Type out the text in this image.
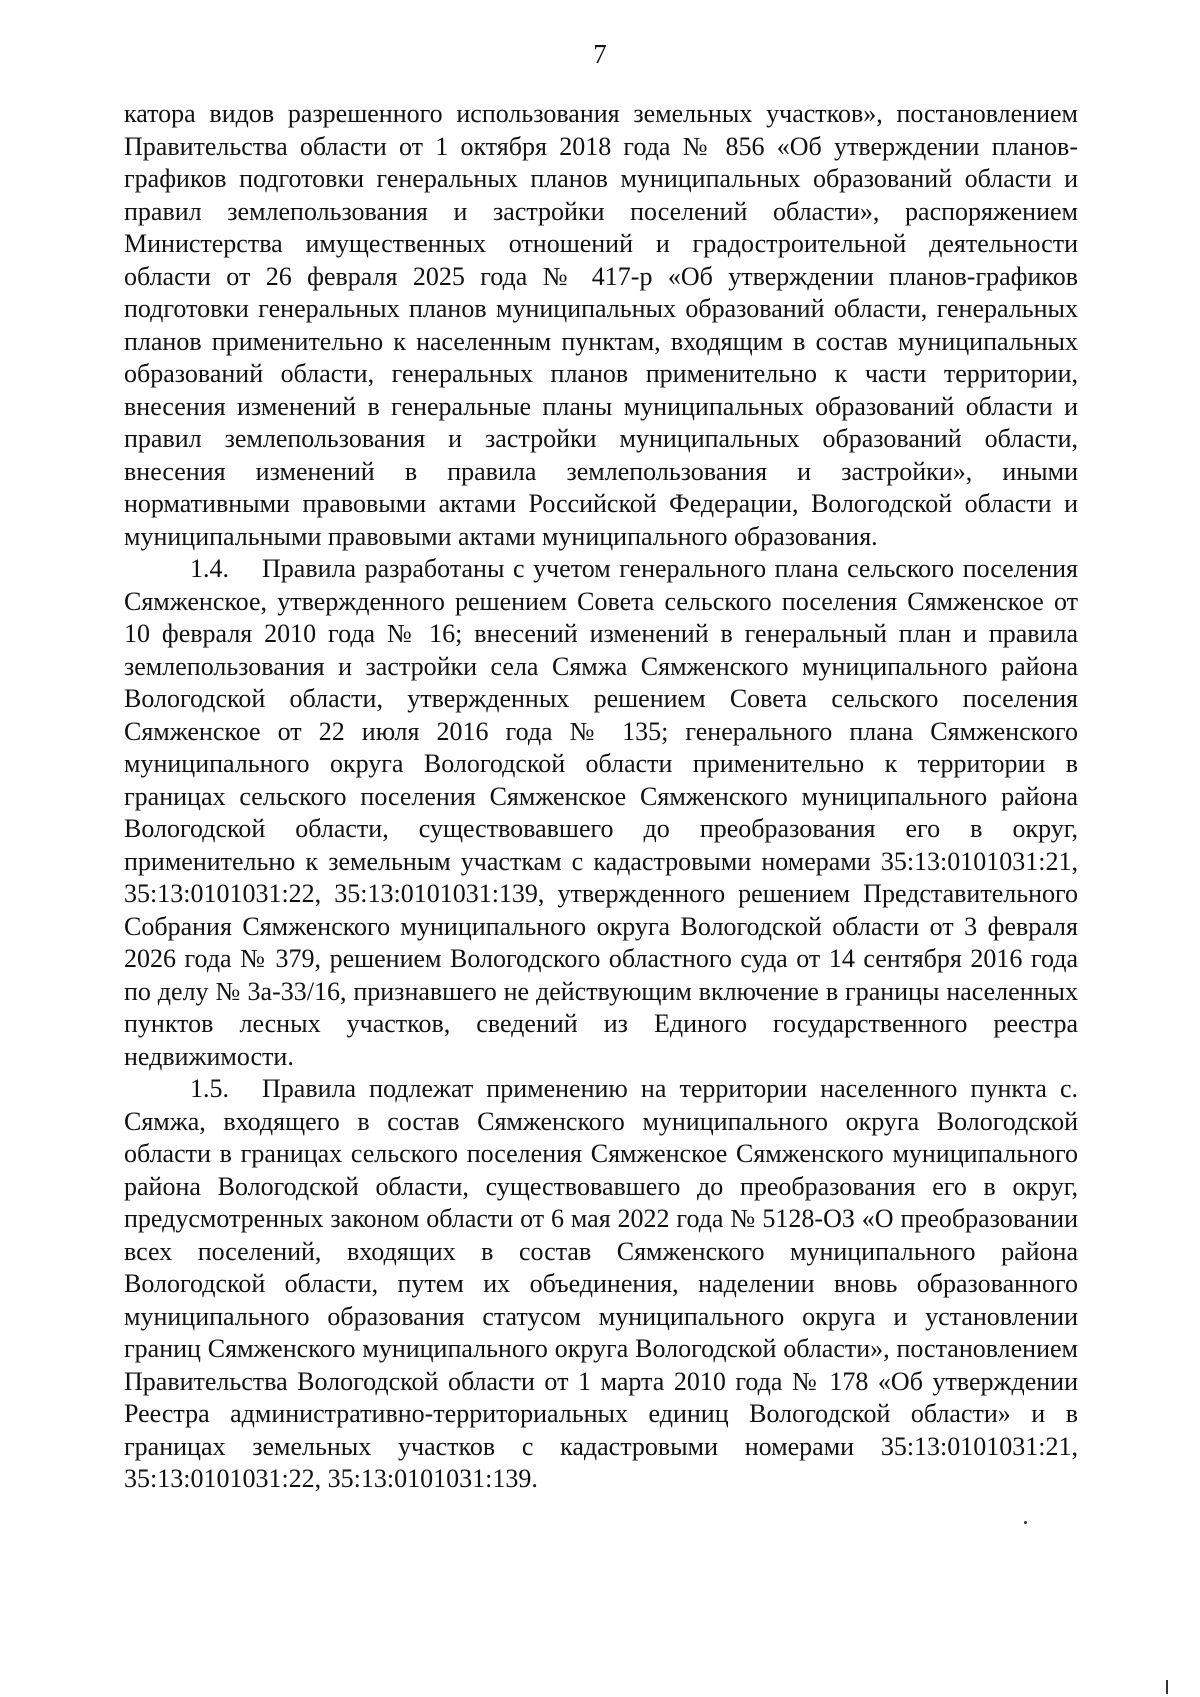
7

катора видов разрешенного использования земельных участков», постановлением Правительства области от 1 октября 2018 года № 856 «Об утверждении планов-графиков подготовки генеральных планов муниципальных образований области и правил землепользования и застройки поселений области», распоряжением Министерства имущественных отношений и градостроительной деятельности области от 26 февраля 2025 года № 417-р «Об утверждении планов-графиков подготовки генеральных планов муниципальных образований области, генеральных планов применительно к населенным пунктам, входящим в состав муниципальных образований области, генеральных планов применительно к части территории, внесения изменений в генеральные планы муниципальных образований области и правил землепользования и застройки муниципальных образований области, внесения изменений в правила землепользования и застройки», иными нормативными правовыми актами Российской Федерации, Вологодской области и муниципальными правовыми актами муниципального образования.

1.4. Правила разработаны с учетом генерального плана сельского поселения Сямженское, утвержденного решением Совета сельского поселения Сямженское от 10 февраля 2010 года № 16; внесений изменений в генеральный план и правила землепользования и застройки села Сямжа Сямженского муниципального района Вологодской области, утвержденных решением Совета сельского поселения Сямженское от 22 июля 2016 года № 135; генерального плана Сямженского муниципального округа Вологодской области применительно к территории в границах сельского поселения Сямженское Сямженского муниципального района Вологодской области, существовавшего до преобразования его в округ, применительно к земельным участкам с кадастровыми номерами 35:13:0101031:21, 35:13:0101031:22, 35:13:0101031:139, утвержденного решением Представительного Собрания Сямженского муниципального округа Вологодской области от 3 февраля 2026 года № 379, решением Вологодского областного суда от 14 сентября 2016 года по делу № 3а-33/16, признавшего не действующим включение в границы населенных пунктов лесных участков, сведений из Единого государственного реестра недвижимости.

1.5. Правила подлежат применению на территории населенного пункта с. Сямжа, входящего в состав Сямженского муниципального округа Вологодской области в границах сельского поселения Сямженское Сямженского муниципального района Вологодской области, существовавшего до преобразования его в округ, предусмотренных законом области от 6 мая 2022 года № 5128-ОЗ «О преобразовании всех поселений, входящих в состав Сямженского муниципального района Вологодской области, путем их объединения, наделении вновь образованного муниципального образования статусом муниципального округа и установлении границ Сямженского муниципального округа Вологодской области», постановлением Правительства Вологодской области от 1 марта 2010 года № 178 «Об утверждении Реестра административно-территориальных единиц Вологодской области» и в границах земельных участков с кадастровыми номерами 35:13:0101031:21, 35:13:0101031:22, 35:13:0101031:139.
